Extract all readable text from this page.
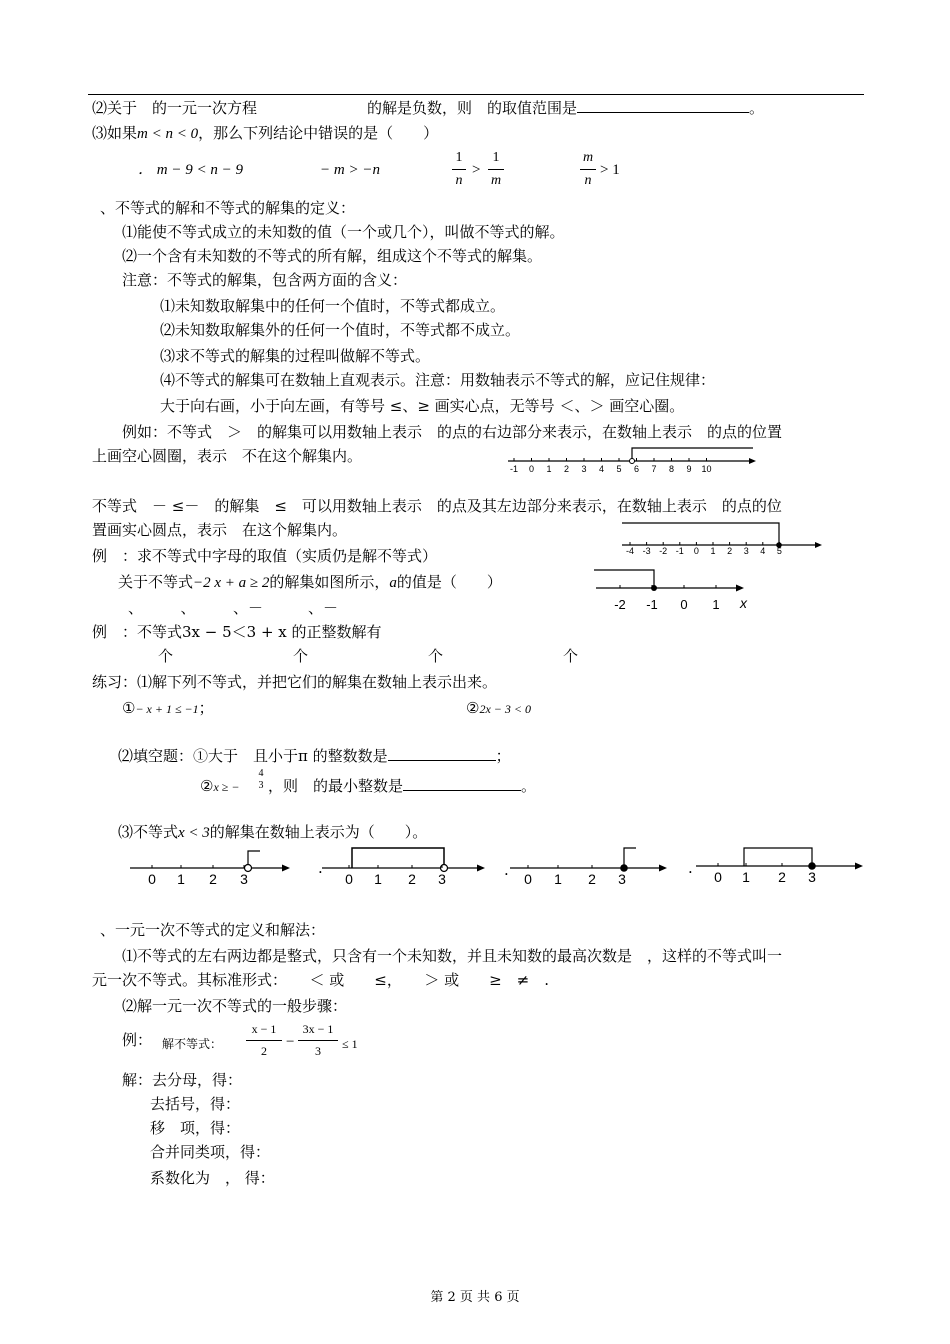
⑵关于　的一元一次方程	的解是负数，则　的取值范围是	。
⑶如果m < n < 0，那么下列结论中错误的是（　　）
． m − 9 < n − 9	− m > −n
1
n
>
1
m
m
n
> 1
、不等式的解和不等式的解集的定义：
⑴能使不等式成立的未知数的值（一个或几个），叫做不等式的解。
⑵一个含有未知数的不等式的所有解，组成这个不等式的解集。
注意：不等式的解集，包含两方面的含义：
⑴未知数取解集中的任何一个值时，不等式都成立。
⑵未知数取解集外的任何一个值时，不等式都不成立。
⑶求不等式的解集的过程叫做解不等式。
⑷不等式的解集可在数轴上直观表示。注意：用数轴表示不等式的解，应记住规律：
大于向右画，小于向左画，有等号 ≤、≥ 画实心点，无等号 ＜、＞ 画空心圈。
例如：不等式　＞　的解集可以用数轴上表示　的点的右边部分来表示，在数轴上表示　的点的位置
上画空心圆圈，表示　不在这个解集内。
-1 0 1 2 3 4 5 6 7 8 9 10
不等式　－ ≤－　的解集　≤　可以用数轴上表示　的点及其左边部分来表示，在数轴上表示　的点的位
置画实心圆点，表示　在这个解集内。
-4 -3 -2 -1 0 1 2 3 4 5
例　：求不等式中字母的取值（实质仍是解不等式）
关于不等式−2 x + a ≥ 2的解集如图所示，a的值是（　　）
、　　　、　　　、－　　　、－	-2 -1 0 1 x
例　：不等式3x − 5＜3 + x 的正整数解有
个　　　　　　　　个　　　　　　　　个　　　　　　　　个
练习：⑴解下列不等式，并把它们的解集在数轴上表示出来。
①− x + 1 ≤ −1；	②2x − 3 < 0
⑵填空题：①大于　且小于π 的整数数是	；
②x ≥ −
4
3 ，则　的最小整数是	。
⑶不等式x < 3的解集在数轴上表示为（　　）。
0 1 2 3
.
0 1 2 3	. 0 1 2 3
. 0 1 2 3
、一元一次不等式的定义和解法：
⑴不等式的左右两边都是整式，只含有一个未知数，并且未知数的最高次数是　，这样的不等式叫一
元一次不等式。其标准形式：　　＜ 或　　≤，　　＞ 或　　≥　≠　.
⑵解一元一次不等式的一般步骤：
例： 解不等式：
x − 1
2
−
3x − 1
3	≤ 1
解：去分母，得：
去括号，得：
移　项，得：
合并同类项，得：
系数化为　， 得：
第 2 页 共 6 页
